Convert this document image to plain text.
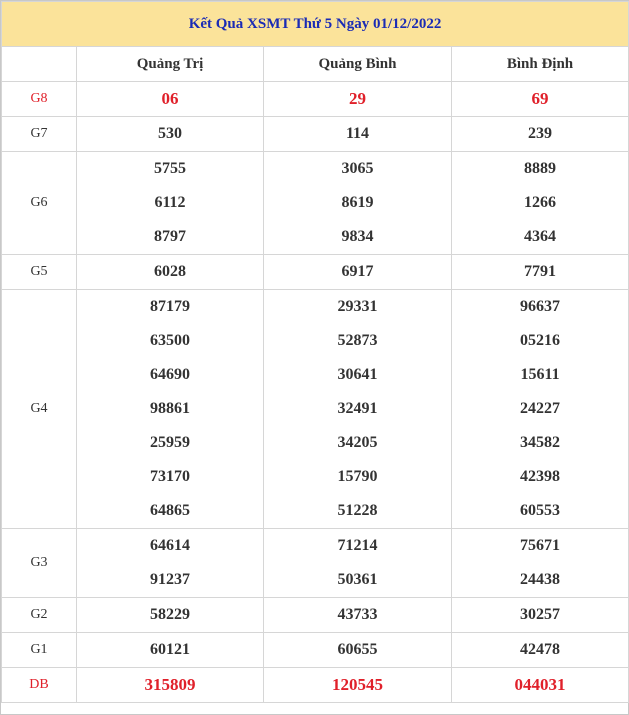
Kết Quả XSMT Thứ 5 Ngày 01/12/2022			
	Quảng Trị	Quảng Bình	Bình Định
G8	06	29	69
G7	530	114	239
G6	5755	3065	8889
	6112	8619	1266
	8797	9834	4364
G5	6028	6917	7791
G4	87179	29331	96637
	63500	52873	05216
	64690	30641	15611
	98861	32491	24227
	25959	34205	34582
	73170	15790	42398
	64865	51228	60553
G3	64614	71214	75671
	91237	50361	24438
G2	58229	43733	30257
G1	60121	60655	42478
DB	315809	120545	044031
